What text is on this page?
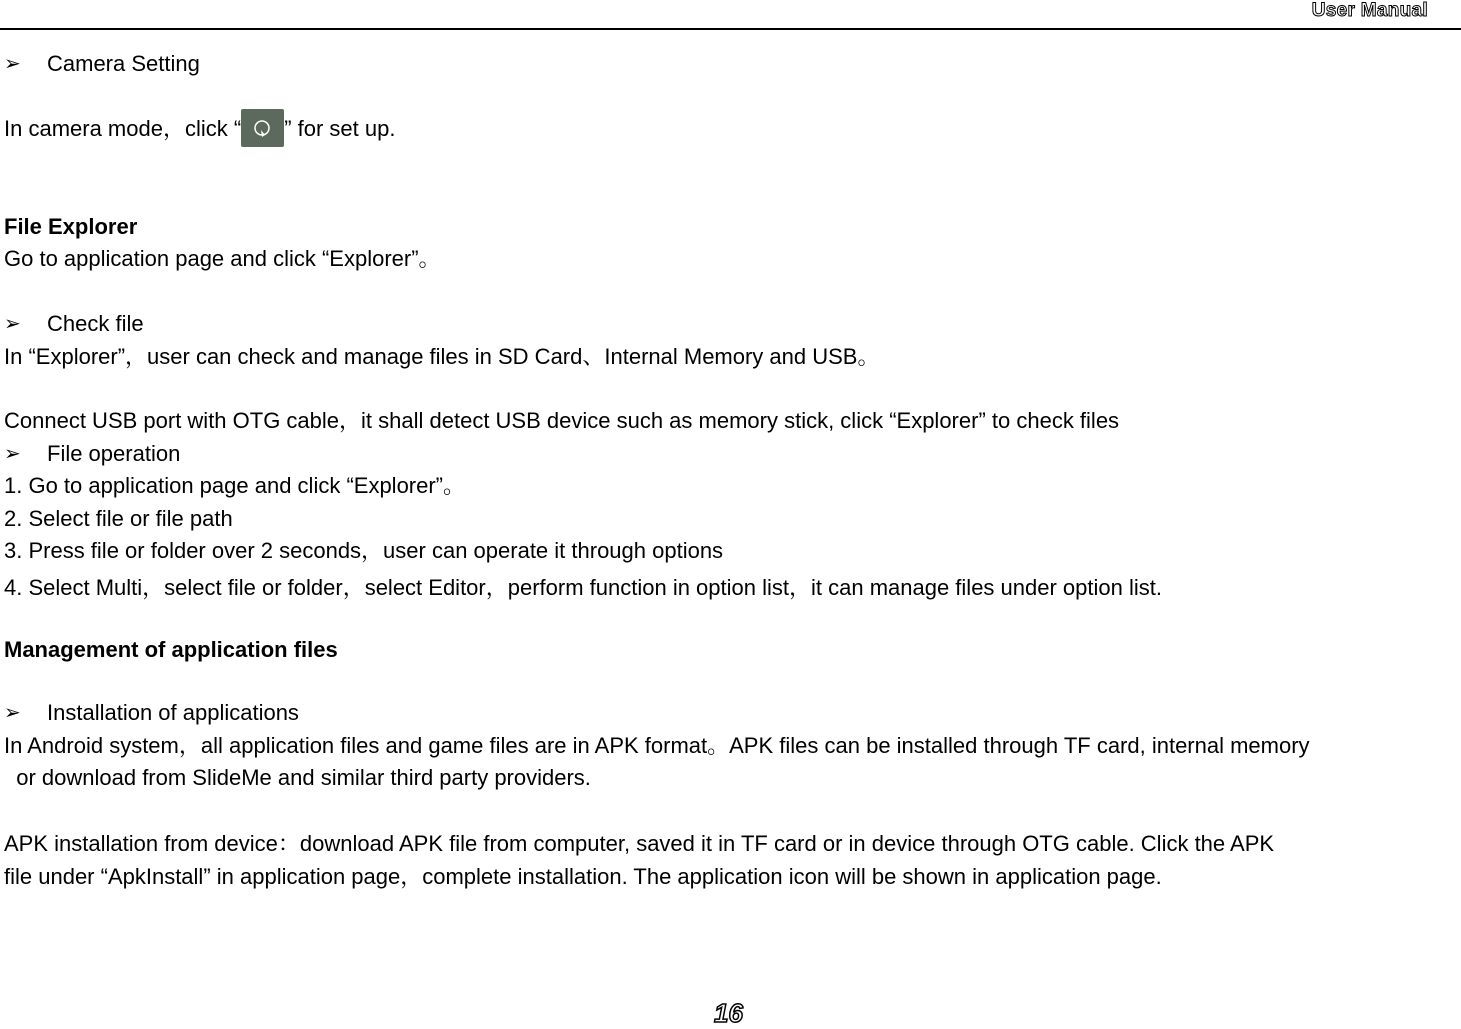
User Manual
➢ Camera Setting
In camera mode，click “ ” for set up.
File Explorer
Go to application page and click “Explorer”。
➢ Check file
In “Explorer”，user can check and manage files in SD Card、Internal Memory and USB。
Connect USB port with OTG cable，it shall detect USB device such as memory stick, click “Explorer” to check files
➢ File operation
1. Go to application page and click “Explorer”。
2. Select file or file path
3. Press file or folder over 2 seconds，user can operate it through options
4. Select Multi，select file or folder，select Editor，perform function in option list，it can manage files under option list.
Management of application files
➢ Installation of applications
In Android system，all application files and game files are in APK format。APK files can be installed through TF card, internal memory
or download from SlideMe and similar third party providers.
APK installation from device：download APK file from computer, saved it in TF card or in device through OTG cable. Click the APK
file under “ApkInstall” in application page，complete installation. The application icon will be shown in application page.
16
